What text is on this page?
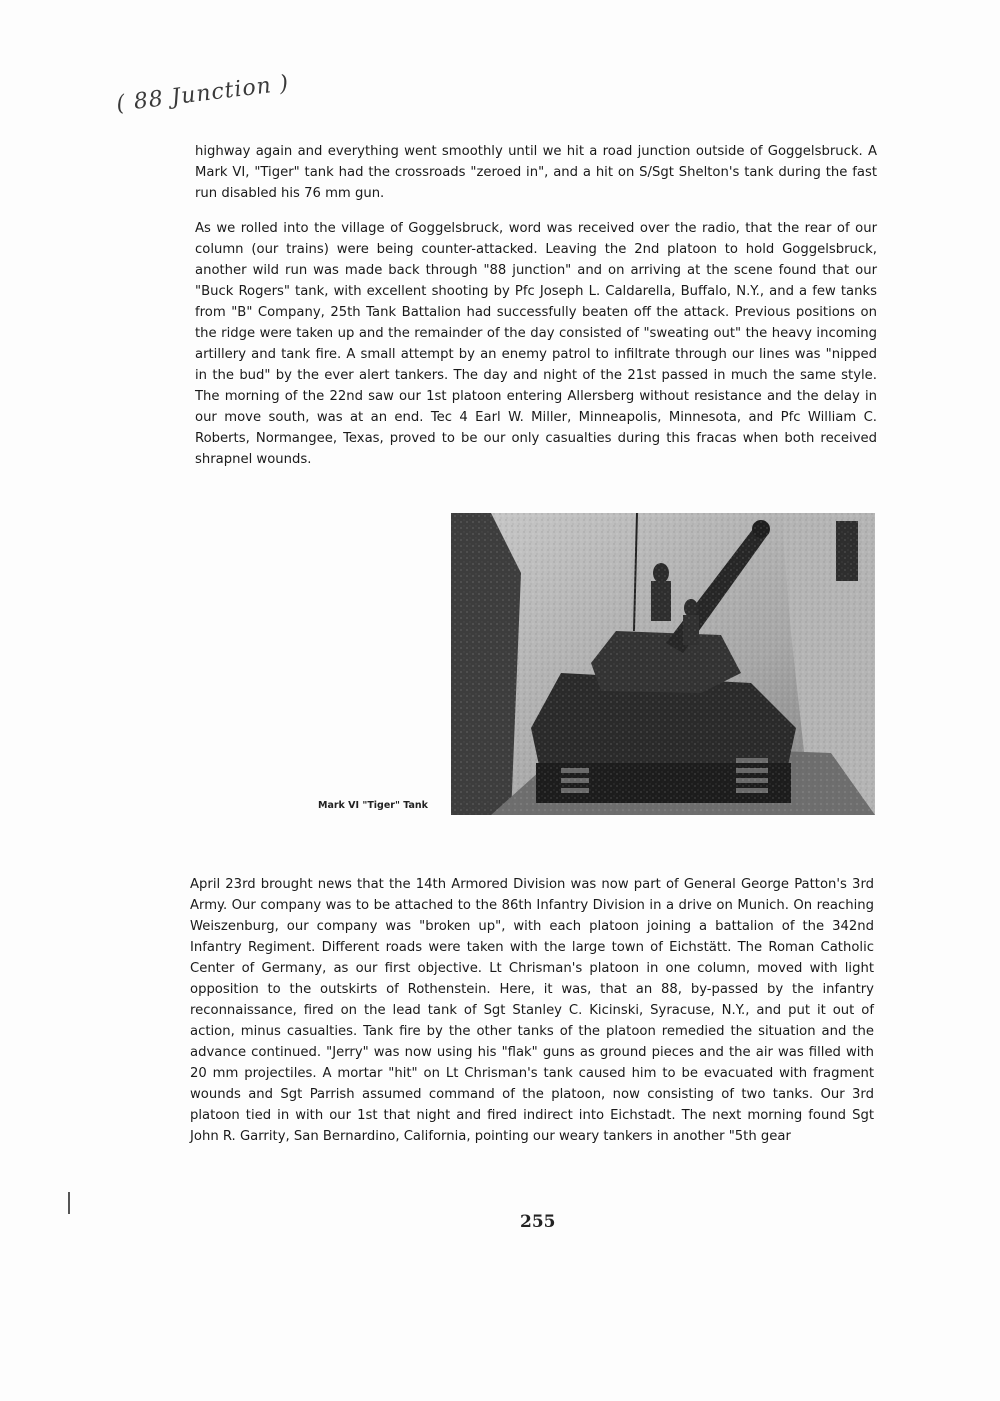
( 88 Junction )

highway again and everything went smoothly until we hit a road junction outside of Goggelsbruck. A Mark VI, "Tiger" tank had the crossroads "zeroed in", and a hit on S/Sgt Shelton's tank during the fast run disabled his 76 mm gun.

As we rolled into the village of Goggelsbruck, word was received over the radio, that the rear of our column (our trains) were being counter-attacked. Leaving the 2nd platoon to hold Goggelsbruck, another wild run was made back through "88 junction" and on arriving at the scene found that our "Buck Rogers" tank, with excellent shooting by Pfc Joseph L. Caldarella, Buffalo, N.Y., and a few tanks from "B" Company, 25th Tank Battalion had successfully beaten off the attack. Previous positions on the ridge were taken up and the remainder of the day consisted of "sweating out" the heavy incoming artillery and tank fire. A small attempt by an enemy patrol to infiltrate through our lines was "nipped in the bud" by the ever alert tankers. The day and night of the 21st passed in much the same style. The morning of the 22nd saw our 1st platoon entering Allersberg without resistance and the delay in our move south, was at an end. Tec 4 Earl W. Miller, Minneapolis, Minnesota, and Pfc William C. Roberts, Normangee, Texas, proved to be our only casualties during this fracas when both received shrapnel wounds.

Mark VI "Tiger" Tank

April 23rd brought news that the 14th Armored Division was now part of General George Patton's 3rd Army. Our company was to be attached to the 86th Infantry Division in a drive on Munich. On reaching Weiszenburg, our company was "broken up", with each platoon joining a battalion of the 342nd Infantry Regiment. Different roads were taken with the large town of Eichstätt. The Roman Catholic Center of Germany, as our first objective. Lt Chrisman's platoon in one column, moved with light opposition to the outskirts of Rothenstein. Here, it was, that an 88, by-passed by the infantry reconnaissance, fired on the lead tank of Sgt Stanley C. Kicinski, Syracuse, N.Y., and put it out of action, minus casualties. Tank fire by the other tanks of the platoon remedied the situation and the advance continued. "Jerry" was now using his "flak" guns as ground pieces and the air was filled with 20 mm projectiles. A mortar "hit" on Lt Chrisman's tank caused him to be evacuated with fragment wounds and Sgt Parrish assumed command of the platoon, now consisting of two tanks. Our 3rd platoon tied in with our 1st that night and fired indirect into Eichstadt. The next morning found Sgt John R. Garrity, San Bernardino, California, pointing our weary tankers in another "5th gear

255
